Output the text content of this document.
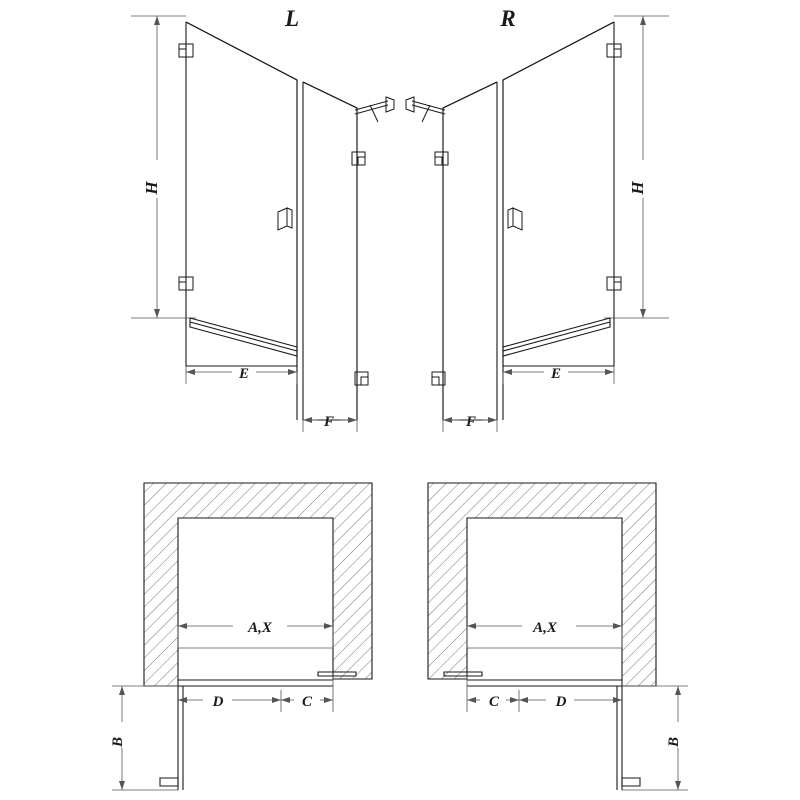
L
H
E
F
R
H
E
F
A,X
D	C
B
A,X
C	D
B
